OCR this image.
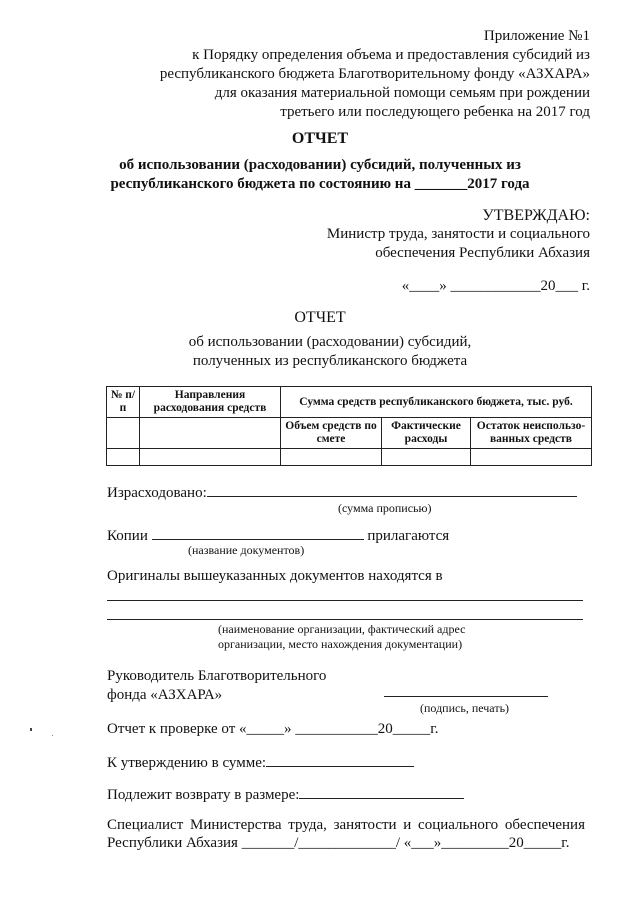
Приложение №1
к Порядку определения объема и предоставления субсидий из
республиканского бюджета Благотворительному фонду «АЗХАРА»
для оказания материальной помощи семьям при рождении
третьего или последующего ребенка на 2017 год
ОТЧЕТ
об использовании (расходовании) субсидий, полученных из
республиканского бюджета по состоянию на _______2017 года
УТВЕРЖДАЮ:
Министр труда, занятости и социального
обеспечения Республики Абхазия
«____» ____________20___ г.
ОТЧЕТ
об использовании (расходовании) субсидий,
полученных из республиканского бюджета
№ п/п	Направления расходования средств	Сумма средств республиканского бюджета, тыс. руб.		
		Объем средств по смете	Фактические расходы	Остаток неиспользо-ванных средств

Израсходовано:
(сумма прописью)
Копии	прилагаются
(название документов)
Оригиналы вышеуказанных документов находятся в
(наименование организации, фактический адрес
организации, место нахождения документации)
Руководитель Благотворительного
фонда «АЗХАРА»
(подпись, печать)
Отчет к проверке от «_____» ___________20_____г.
К утверждению в сумме:
Подлежит возврату в размере:
Специалист Министерства труда, занятости и социального обеспечения
Республики Абхазия _______/_____________/ «___»_________20_____г.
